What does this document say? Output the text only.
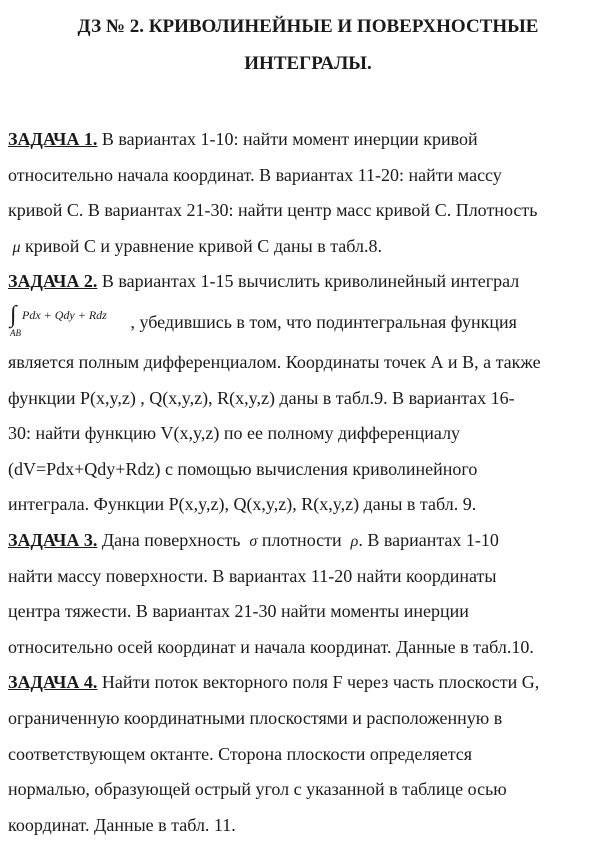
ДЗ № 2. КРИВОЛИНЕЙНЫЕ И ПОВЕРХНОСТНЫЕ
ИНТЕГРАЛЫ.
ЗАДАЧА 1. В вариантах 1-10: найти момент инерции кривой
относительно начала координат. В вариантах 11-20: найти массу
кривой С. В вариантах 21-30: найти центр масс кривой С. Плотность
μ кривой С и уравнение кривой С даны в табл.8.
ЗАДАЧА 2. В вариантах 1-15 вычислить криволинейный интеграл
∫
AB
Pdx + Qdy + Rdz , убедившись в том, что подинтегральная функция
является полным дифференциалом. Координаты точек А и В, а также
функции P(x,y,z) , Q(x,y,z), R(x,y,z) даны в табл.9. В вариантах 16-
30: найти функцию V(x,y,z) по ее полному дифференциалу
(dV=Pdx+Qdy+Rdz) с помощью вычисления криволинейного
интеграла. Функции P(x,y,z), Q(x,y,z), R(x,y,z) даны в табл. 9.
ЗАДАЧА 3. Дана поверхность  σ плотности  ρ. В вариантах 1-10
найти массу поверхности. В вариантах 11-20 найти координаты
центра тяжести. В вариантах 21-30 найти моменты инерции
относительно осей координат и начала координат. Данные в табл.10.
ЗАДАЧА 4. Найти поток векторного поля F через часть плоскости G,
ограниченную координатными плоскостями и расположенную в
соответствующем октанте. Сторона плоскости определяется
нормалью, образующей острый угол с указанной в таблице осью
координат. Данные в табл. 11.
